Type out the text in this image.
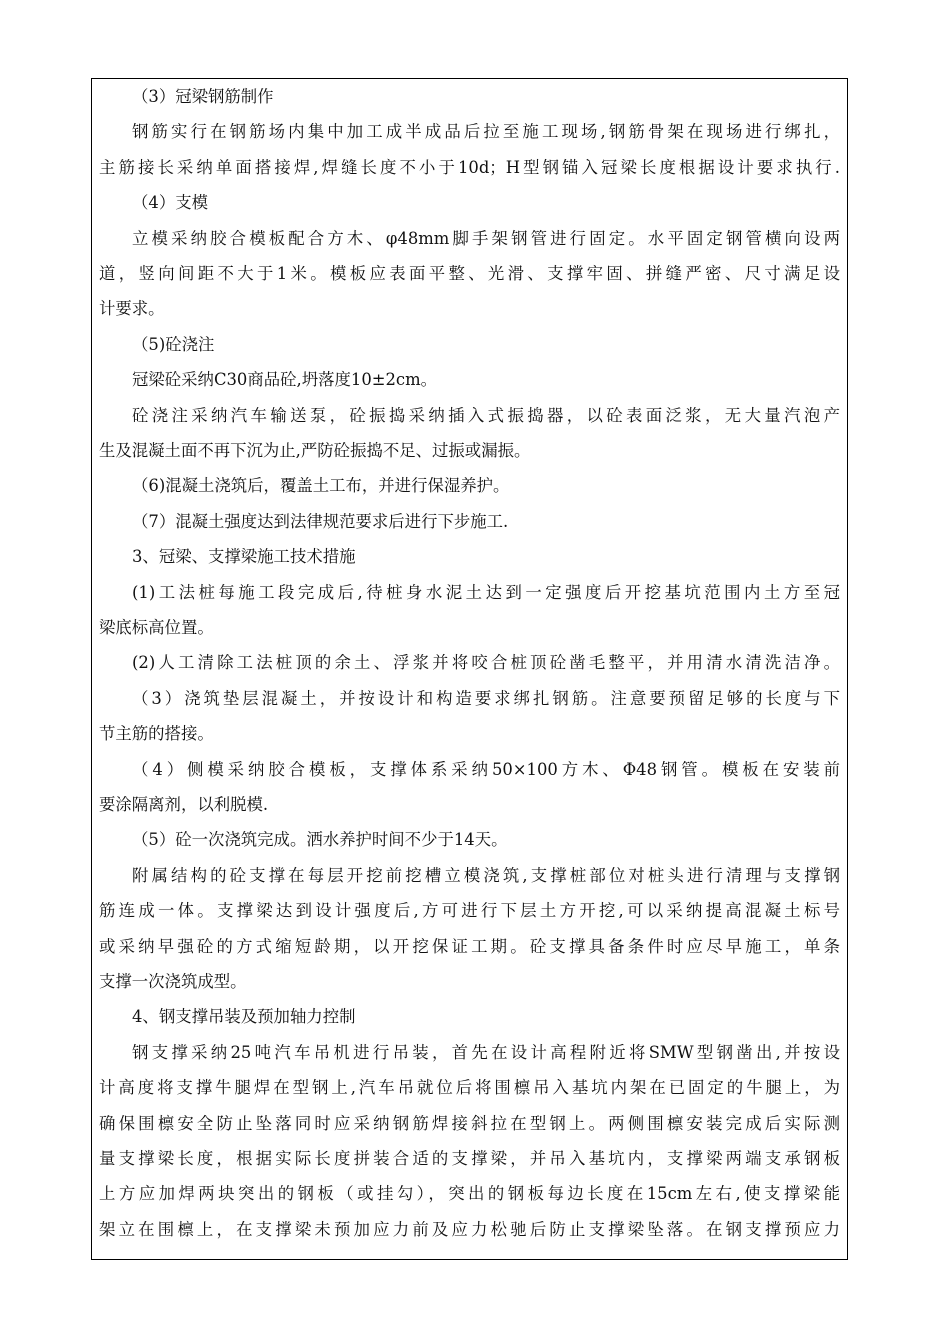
（3）冠梁钢筋制作
钢筋实行在钢筋场内集中加工成半成品后拉至施工现场,钢筋骨架在现场进行绑扎，
主筋接长采纳单面搭接焊,焊缝长度不小于10d；H型钢锚入冠梁长度根据设计要求执行.
（4）支模
立模采纳胶合模板配合方木、φ48mm脚手架钢管进行固定。水平固定钢管横向设两
道，竖向间距不大于1米。模板应表面平整、光滑、支撑牢固、拼缝严密、尺寸满足设
计要求。
（5)砼浇注
冠梁砼采纳C30商品砼,坍落度10±2cm。
砼浇注采纳汽车输送泵，砼振捣采纳插入式振捣器，以砼表面泛浆，无大量汽泡产
生及混凝土面不再下沉为止,严防砼振捣不足、过振或漏振。
（6)混凝土浇筑后，覆盖土工布，并进行保湿养护。
（7）混凝土强度达到法律规范要求后进行下步施工.
3、冠梁、支撑梁施工技术措施
(1)工法桩每施工段完成后,待桩身水泥土达到一定强度后开挖基坑范围内土方至冠
梁底标高位置。
(2)人工清除工法桩顶的余土、浮浆并将咬合桩顶砼凿毛整平，并用清水清洗洁净。
（3）浇筑垫层混凝土，并按设计和构造要求绑扎钢筋。注意要预留足够的长度与下
节主筋的搭接。
（4）侧模采纳胶合模板，支撑体系采纳50×100方木、Φ48钢管。模板在安装前
要涂隔离剂，以利脱模.
（5）砼一次浇筑完成。洒水养护时间不少于14天。
附属结构的砼支撑在每层开挖前挖槽立模浇筑,支撑桩部位对桩头进行清理与支撑钢
筋连成一体。支撑梁达到设计强度后,方可进行下层土方开挖,可以采纳提高混凝土标号
或采纳早强砼的方式缩短龄期，以开挖保证工期。砼支撑具备条件时应尽早施工，单条
支撑一次浇筑成型。
4、钢支撑吊装及预加轴力控制
钢支撑采纳25吨汽车吊机进行吊装，首先在设计高程附近将SMW型钢凿出,并按设
计高度将支撑牛腿焊在型钢上,汽车吊就位后将围檩吊入基坑内架在已固定的牛腿上，为
确保围檩安全防止坠落同时应采纳钢筋焊接斜拉在型钢上。两侧围檩安装完成后实际测
量支撑梁长度，根据实际长度拼装合适的支撑梁，并吊入基坑内，支撑梁两端支承钢板
上方应加焊两块突出的钢板（或挂勾），突出的钢板每边长度在15cm左右,使支撑梁能
架立在围檩上，在支撑梁未预加应力前及应力松驰后防止支撑梁坠落。在钢支撑预应力
